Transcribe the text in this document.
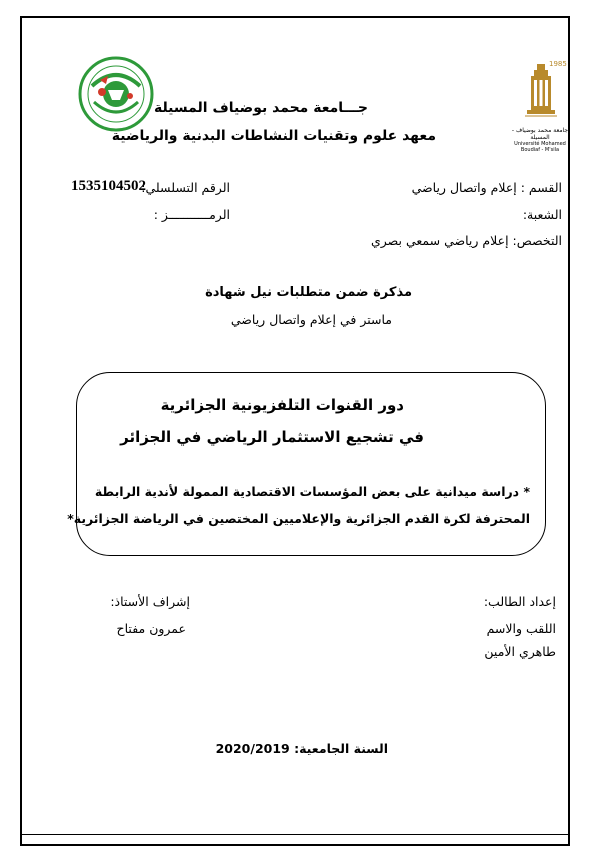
1985
جامعة محمد بوضياف - المسيلة
Université Mohamed Boudiaf - M'sila
جـــامعة محمد بوضياف المسيلة
معهد علوم وتقنيات النشاطات البدنية والرياضية
القسم : إعلام واتصال رياضي
الرقم التسلسلي:
1535104502
الشعبة:
الرمـــــــــــز :
التخصص: إعلام رياضي سمعي بصري
مذكرة ضمن متطلبات نيل شهادة
ماستر في إعلام واتصال رياضي
دور القنوات التلفزيونية الجزائرية
في تشجيع الاستثمار الرياضي في الجزائر
* دراسة ميدانية على بعض المؤسسات الاقتصادية الممولة لأندية الرابطة
المحترفة لكرة القدم الجزائرية والإعلاميين المختصين في الرياضة الجزائرية*
إعداد الطالب:
اللقب والاسم
طاهري الأمين
إشراف الأستاذ:
عمرون مفتاح
السنة الجامعية: 2020/2019
